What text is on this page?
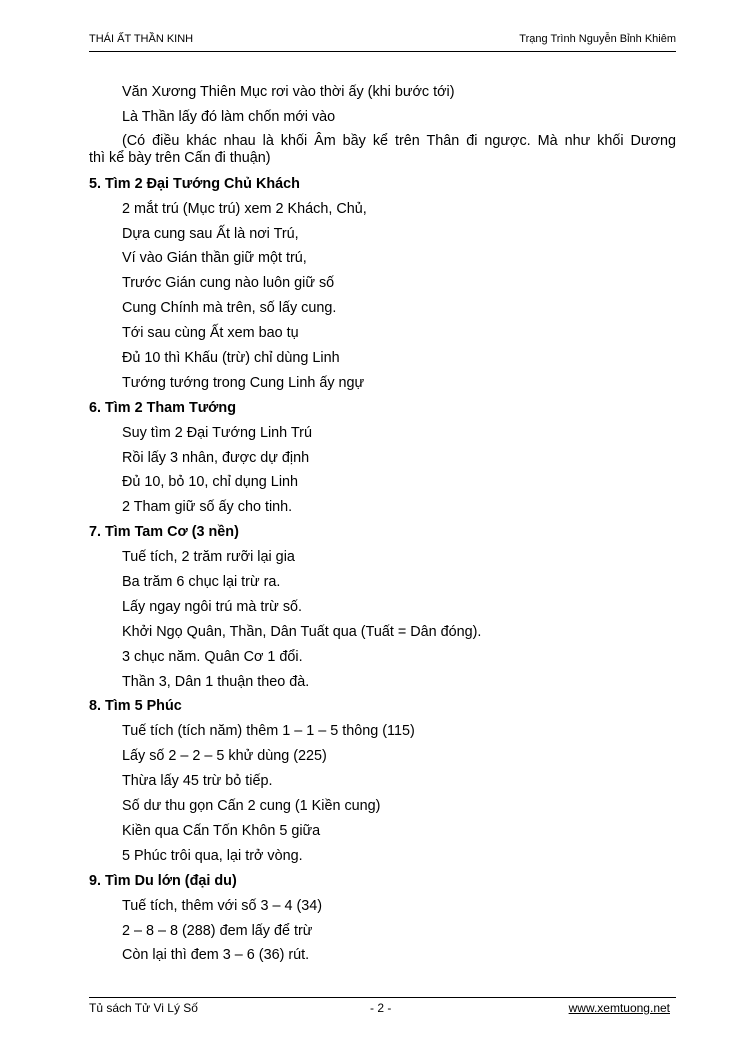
THÁI ẤT THẦN KINH	Trạng Trình Nguyễn Bỉnh Khiêm
Văn Xương Thiên Mục rơi vào thời ấy (khi bước tới)
Là Thần lấy đó làm chốn mới vào
(Có điều khác nhau là khối Âm bầy kể trên Thân đi ngược. Mà như khối Dương
thì kể bày trên Cấn đi thuận)
5. Tìm 2 Đại Tướng Chủ Khách
2 mắt trú (Mục trú) xem 2 Khách, Chủ,
Dựa cung sau Ất là nơi Trú,
Ví vào Gián thần giữ một trú,
Trước Gián cung nào luôn giữ số
Cung Chính mà trên, số lấy cung.
Tới sau cùng Ất xem bao tụ
Đủ 10 thì Khấu (trừ) chỉ dùng Linh
Tướng tướng trong Cung Linh ấy ngự
6. Tìm 2 Tham Tướng
Suy tìm 2 Đại Tướng Linh Trú
Rồi lấy 3 nhân, được dự định
Đủ 10, bỏ 10, chỉ dụng Linh
2 Tham giữ số ấy cho tinh.
7. Tìm Tam Cơ (3 nền)
Tuế tích, 2 trăm rưỡi lại gia
Ba trăm 6 chục lại trừ ra.
Lấy ngay ngôi trú mà trừ số.
Khởi Ngọ Quân, Thần, Dân Tuất qua (Tuất = Dân đóng).
3 chục năm. Quân Cơ 1 đổi.
Thần 3, Dân 1 thuận theo đà.
8. Tìm 5 Phúc
Tuế tích (tích năm) thêm 1 – 1 – 5 thông (115)
Lấy số 2 – 2 – 5 khử dùng (225)
Thừa lấy 45 trừ bỏ tiếp.
Số dư thu gọn Cấn 2 cung (1 Kiền cung)
Kiền qua Cấn Tốn Khôn 5 giữa
5 Phúc trôi qua, lại trở vòng.
9. Tìm Du lớn (đại du)
Tuế tích, thêm với số 3 – 4 (34)
2 – 8 – 8 (288) đem lấy để trừ
Còn lại thì đem 3 – 6 (36) rút.
Tủ sách Tử Vi Lý Số	- 2 -	www.xemtuong.net
